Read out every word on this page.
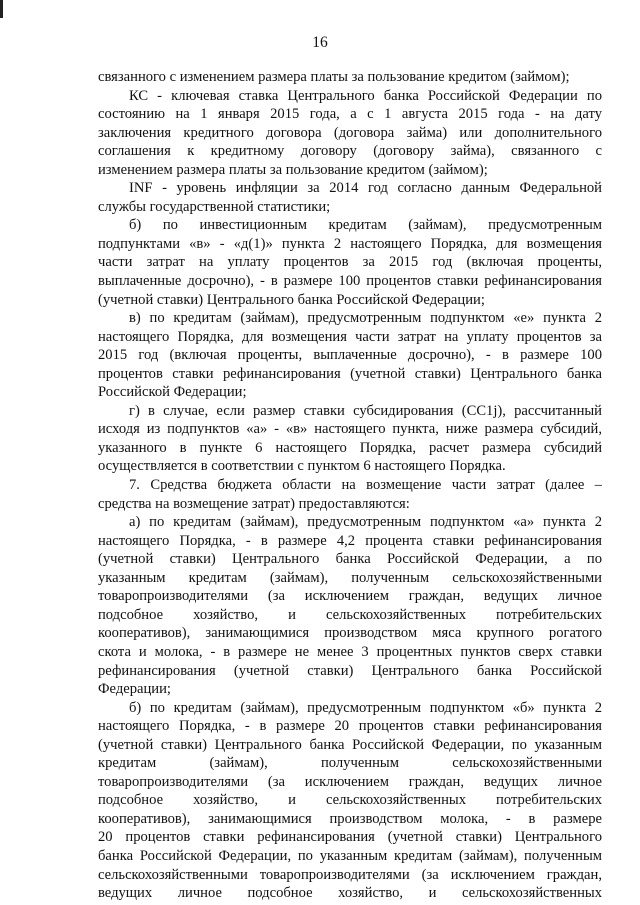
16
связанного с изменением размера платы за пользование кредитом (займом);
КС - ключевая ставка Центрального банка Российской Федерации по
состоянию на 1 января 2015 года, а с 1 августа 2015 года - на дату
заключения кредитного договора (договора займа) или дополнительного
соглашения к кредитному договору (договору займа), связанного с
изменением размера платы за пользование кредитом (займом);
INF - уровень инфляции за 2014 год согласно данным Федеральной
службы государственной статистики;
б) по инвестиционным кредитам (займам), предусмотренным
подпунктами «в» - «д(1)» пункта 2 настоящего Порядка, для возмещения
части затрат на уплату процентов за 2015 год (включая проценты,
выплаченные досрочно), - в размере 100 процентов ставки рефинансирования
(учетной ставки) Центрального банка Российской Федерации;
в) по кредитам (займам), предусмотренным подпунктом «е» пункта 2
настоящего Порядка, для возмещения части затрат на уплату процентов за
2015 год (включая проценты, выплаченные досрочно), - в размере 100
процентов ставки рефинансирования (учетной ставки) Центрального банка
Российской Федерации;
г) в случае, если размер ставки субсидирования (CC1j), рассчитанный
исходя из подпунктов «а» - «в» настоящего пункта, ниже размера субсидий,
указанного в пункте 6 настоящего Порядка, расчет размера субсидий
осуществляется в соответствии с пунктом 6 настоящего Порядка.
7. Средства бюджета области на возмещение части затрат (далее –
средства на возмещение затрат) предоставляются:
а) по кредитам (займам), предусмотренным подпунктом «а» пункта 2
настоящего Порядка, - в размере 4,2 процента ставки рефинансирования
(учетной ставки) Центрального банка Российской Федерации, а по
указанным кредитам (займам), полученным сельскохозяйственными
товаропроизводителями (за исключением граждан, ведущих личное
подсобное хозяйство, и сельскохозяйственных потребительских
кооперативов), занимающимися производством мяса крупного рогатого
скота и молока, - в размере не менее 3 процентных пунктов сверх ставки
рефинансирования (учетной ставки) Центрального банка Российской
Федерации;
б) по кредитам (займам), предусмотренным подпунктом «б» пункта 2
настоящего Порядка, - в размере 20 процентов ставки рефинансирования
(учетной ставки) Центрального банка Российской Федерации, по указанным
кредитам (займам), полученным сельскохозяйственными
товаропроизводителями (за исключением граждан, ведущих личное
подсобное хозяйство, и сельскохозяйственных потребительских
кооперативов), занимающимися производством молока, - в размере
20 процентов ставки рефинансирования (учетной ставки) Центрального
банка Российской Федерации, по указанным кредитам (займам), полученным
сельскохозяйственными товаропроизводителями (за исключением граждан,
ведущих личное подсобное хозяйство, и сельскохозяйственных
